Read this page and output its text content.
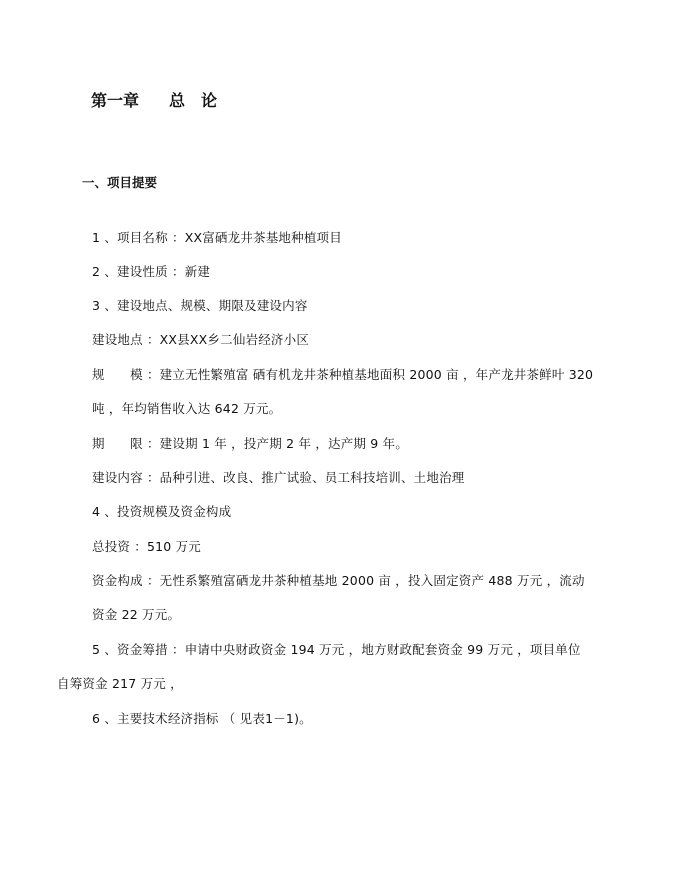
第一章 总　论
一、项目提要
1 、项目名称 ：XX富硒龙井茶基地种植项目
2 、建设性质 ：新建
3 、建设地点、规模、期限及建设内容
建设地点 ：XX县XX乡二仙岩经济小区
规　　模 ：建立无性繁殖富 硒有机龙井茶种植基地面积 2000 亩 ，年产龙井茶鲜叶 320
吨 ，年均销售收入达 642 万元。
期　　限 ：建设期 1 年 ，投产期 2 年 ，达产期 9 年。
建设内容 ：品种引进、改良、推广试验、员工科技培训、土地治理
4 、投资规模及资金构成
总投资 ：510 万元
资金构成 ：无性系繁殖富硒龙井茶种植基地 2000 亩 ，投入固定资产 488 万元 ，流动
资金 22 万元。
5 、资金筹措 ：申请中央财政资金 194 万元 ，地方财政配套资金 99 万元 ，项目单位
自筹资金 217 万元 ，
6 、主要技术经济指标 （ 见表1－1)。
